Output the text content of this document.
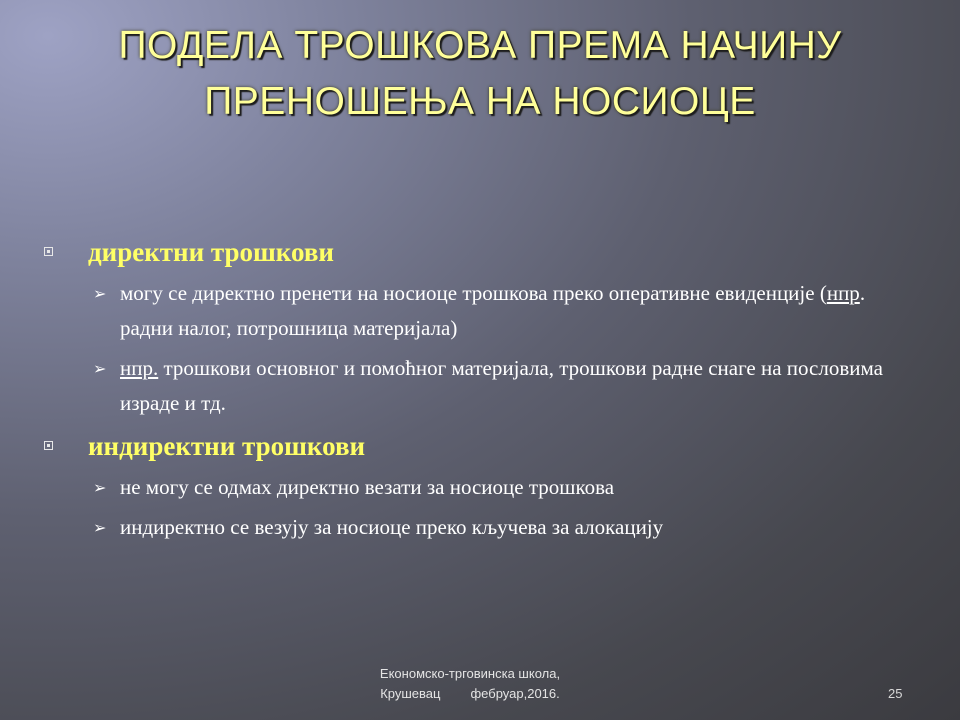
ПОДЕЛА ТРОШКОВА ПРЕМА НАЧИНУ
ПРЕНОШЕЊА НА НОСИОЦЕ
директни трошкови
➢ могу се директно пренети на носиоце трошкова преко оперативне евиденције (нпр. радни налог, потрошница материјала)
➢ нпр. трошкови основног и помоћног материјала, трошкови радне снаге на пословима израде и тд.
индиректни трошкови
➢ не могу се одмах директно везати за носиоце трошкова
➢ индиректно се везују за носиоце преко кључева за алокацију
Економско-трговинска школа,
Крушевац фебруар,2016.	25
